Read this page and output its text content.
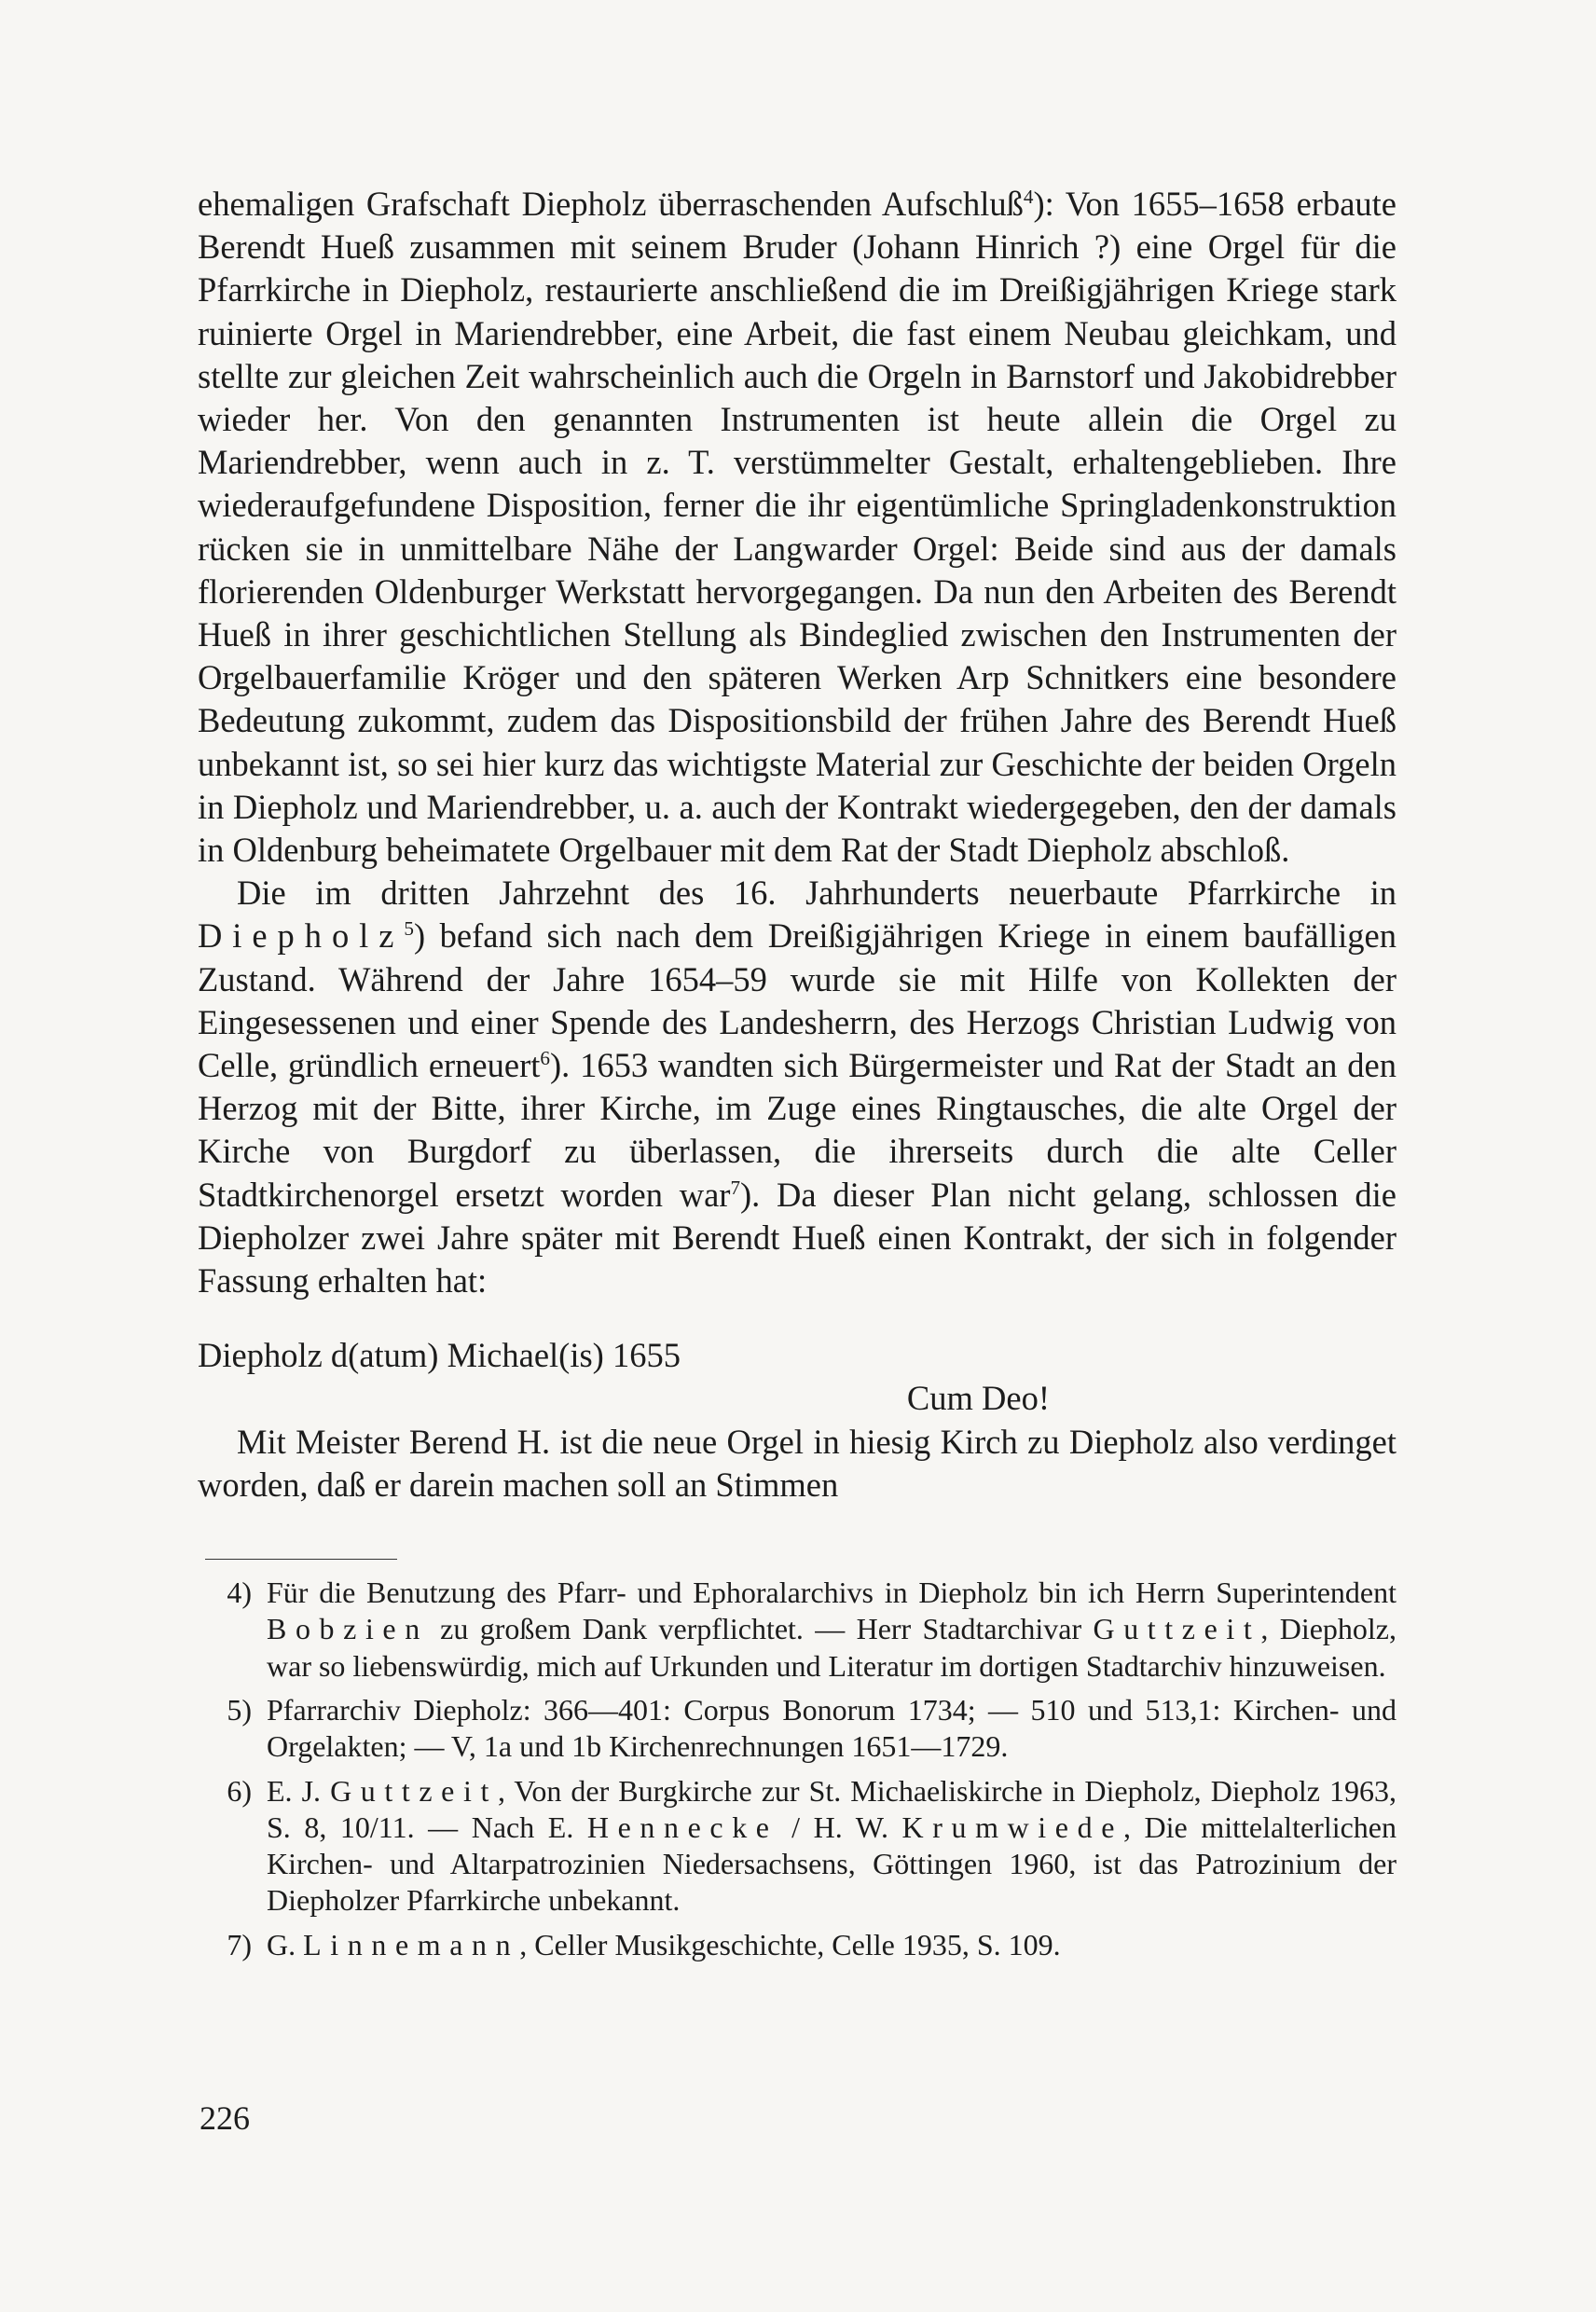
ehemaligen Grafschaft Diepholz überraschenden Aufschluß$^4$): Von 1655–1658 erbaute Berendt Hueß zusammen mit seinem Bruder (Johann Hinrich ?) eine Orgel für die Pfarrkirche in Diepholz, restaurierte anschließend die im Dreißigjährigen Kriege stark ruinierte Orgel in Mariendrebber, eine Arbeit, die fast einem Neubau gleichkam, und stellte zur gleichen Zeit wahrscheinlich auch die Orgeln in Barnstorf und Jakobidrebber wieder her. Von den genannten Instrumenten ist heute allein die Orgel zu Mariendrebber, wenn auch in z. T. verstümmelter Gestalt, erhaltengeblieben. Ihre wiederaufgefundene Disposition, ferner die ihr eigentümliche Springladenkonstruktion rücken sie in unmittelbare Nähe der Langwarder Orgel: Beide sind aus der damals florierenden Oldenburger Werkstatt hervorgegangen. Da nun den Arbeiten des Berendt Hueß in ihrer geschichtlichen Stellung als Bindeglied zwischen den Instrumenten der Orgelbauerfamilie Kröger und den späteren Werken Arp Schnitkers eine besondere Bedeutung zukommt, zudem das Dispositionsbild der frühen Jahre des Berendt Hueß unbekannt ist, so sei hier kurz das wichtigste Material zur Geschichte der beiden Orgeln in Diepholz und Mariendrebber, u. a. auch der Kontrakt wiedergegeben, den der damals in Oldenburg beheimatete Orgelbauer mit dem Rat der Stadt Diepholz abschloß.

Die im dritten Jahrzehnt des 16. Jahrhunderts neuerbaute Pfarrkirche in Diepholz$^5$) befand sich nach dem Dreißigjährigen Kriege in einem baufälligen Zustand. Während der Jahre 1654–59 wurde sie mit Hilfe von Kollekten der Eingesessenen und einer Spende des Landesherrn, des Herzogs Christian Ludwig von Celle, gründlich erneuert$^6$). 1653 wandten sich Bürgermeister und Rat der Stadt an den Herzog mit der Bitte, ihrer Kirche, im Zuge eines Ringtausches, die alte Orgel der Kirche von Burgdorf zu überlassen, die ihrerseits durch die alte Celler Stadtkirchenorgel ersetzt worden war$^7$). Da dieser Plan nicht gelang, schlossen die Diepholzer zwei Jahre später mit Berendt Hueß einen Kontrakt, der sich in folgender Fassung erhalten hat:

Diepholz d(atum) Michael(is) 1655

Cum Deo!

Mit Meister Berend H. ist die neue Orgel in hiesig Kirch zu Diepholz also verdinget worden, daß er darein machen soll an Stimmen

4) Für die Benutzung des Pfarr- und Ephoralarchivs in Diepholz bin ich Herrn Superintendent Bobzien zu großem Dank verpflichtet. — Herr Stadtarchivar Guttzeit, Diepholz, war so liebenswürdig, mich auf Urkunden und Literatur im dortigen Stadtarchiv hinzuweisen.
5) Pfarrarchiv Diepholz: 366—401: Corpus Bonorum 1734; — 510 und 513,1: Kirchen- und Orgelakten; — V, 1a und 1b Kirchenrechnungen 1651—1729.
6) E. J. Guttzeit, Von der Burgkirche zur St. Michaeliskirche in Diepholz, Diepholz 1963, S. 8, 10/11. — Nach E. Hennecke / H. W. Krumwiede, Die mittelalterlichen Kirchen- und Altarpatrozinien Niedersachsens, Göttingen 1960, ist das Patrozinium der Diepholzer Pfarrkirche unbekannt.
7) G. Linnemann, Celler Musikgeschichte, Celle 1935, S. 109.
226
